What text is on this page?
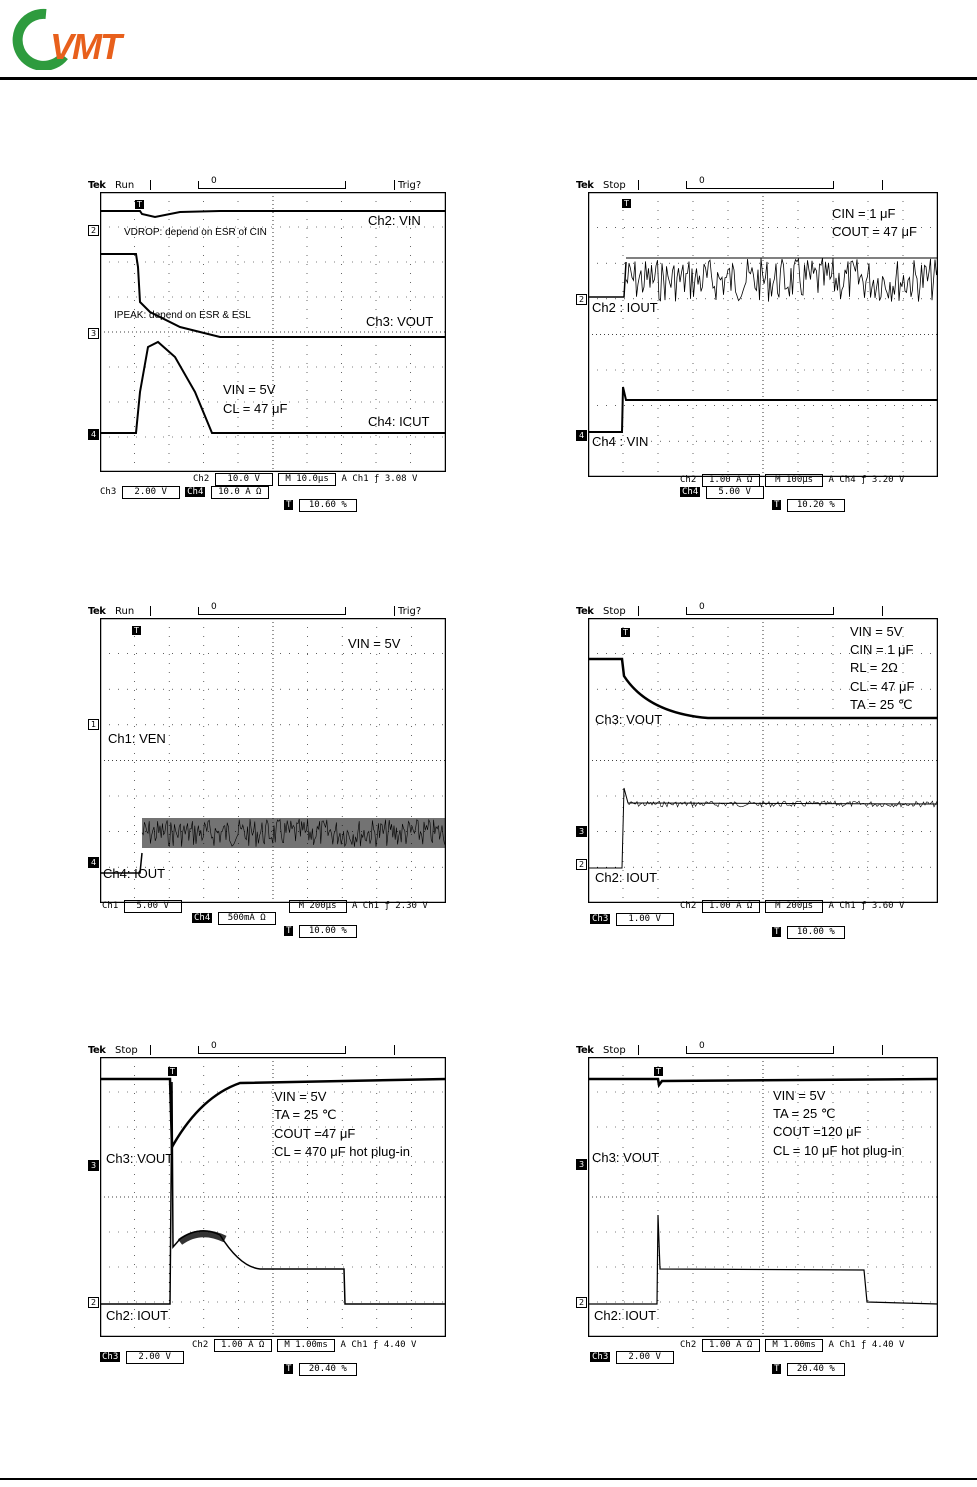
VMT
Tek Run 0	Trig?
2
3
4
T
Ch2: VIN
VDROP: depend on ESR of CIN
IPEAK: depend on ESR & ESL	Ch3: VOUT
VIN = 5V
CL = 47 μF
Ch4: ICUT
Ch2 10.0 V	M 10.0μs A Ch1 ƒ 3.08 V
Ch3 2.00 V Ch4 10.0 A Ω
T 10.60 %
Tek Stop
0
2
4
T
CIN = 1 μF
COUT = 47 μF
Ch2 : IOUT
Ch4 : VIN
Ch2 1.00 A Ω	M 100μs A Ch4 ƒ 3.20 V
Ch4 5.00 V
T 10.20 %
Tek Run 0	Trig?
1
4
T
VIN = 5V
Ch1: VEN
Ch4: IOUT
Ch1 5.00 V	M 200μs A Ch1 ƒ 2.30 V
Ch4 500mA Ω
T 10.00 %
Tek Stop
0
3
2
T	VIN = 5V
CIN = 1 μF
RL = 2Ω
CL = 47 μF
TA = 25 ℃
Ch3: VOUT
Ch2: IOUT
Ch2 1.00 A Ω	M 200μs A Ch1 ƒ 3.60 V
Ch3 1.00 V
T 10.00 %
Tek Stop
0
3
2
T
VIN = 5V
TA = 25 ℃
COUT =47 μF
CL = 470 μF hot plug-in
Ch3: VOUT
Ch2: IOUT
Ch2 1.00 A Ω M 1.00ms A Ch1 ƒ 4.40 V
Ch3 2.00 V
T 20.40 %
Tek Stop
0
3
2
T
VIN = 5V
TA = 25 ℃
COUT =120 μF
CL = 10 μF hot plug-in
Ch3: VOUT
Ch2: IOUT
Ch2 1.00 A Ω M 1.00ms A Ch1 ƒ 4.40 V
Ch3 2.00 V
T 20.40 %
